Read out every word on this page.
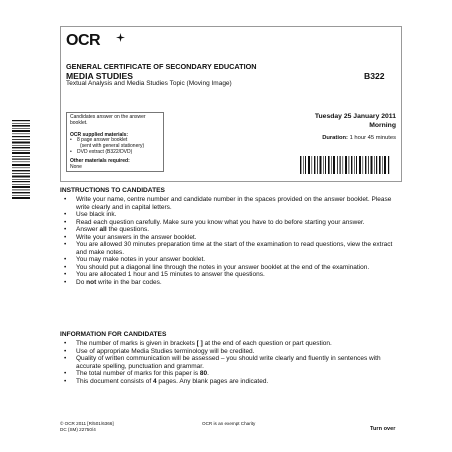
OCR
GENERAL CERTIFICATE OF SECONDARY EDUCATION
MEDIA STUDIES	B322
Textual Analysis and Media Studies Topic (Moving Image)
Candidates answer on the answer booklet.
OCR supplied materials:
• 8 page answer booklet
(sent with general stationery)
• DVD extract (B322/DVD)
Other materials required:
None
Tuesday 25 January 2011
Morning
Duration: 1 hour 45 minutes
INSTRUCTIONS TO CANDIDATES
• Write your name, centre number and candidate number in the spaces provided on the answer booklet. Please write clearly and in capital letters.
• Use black ink.
• Read each question carefully. Make sure you know what you have to do before starting your answer.
• Answer all the questions.
• Write your answers in the answer booklet.
• You are allowed 30 minutes preparation time at the start of the examination to read questions, view the extract and make notes.
• You may make notes in your answer booklet.
• You should put a diagonal line through the notes in your answer booklet at the end of the examination.
• You are allocated 1 hour and 15 minutes to answer the questions.
• Do not write in the bar codes.
INFORMATION FOR CANDIDATES
• The number of marks is given in brackets [ ] at the end of each question or part question.
• Use of appropriate Media Studies terminology will be credited.
• Quality of written communication will be assessed – you should write clearly and fluently in sentences with accurate spelling, punctuation and grammar.
• The total number of marks for this paper is 80.
• This document consists of 4 pages. Any blank pages are indicated.
© OCR 2011 [R/501/6366]
DC (SM) 22750/4
OCR is an exempt Charity
Turn over
